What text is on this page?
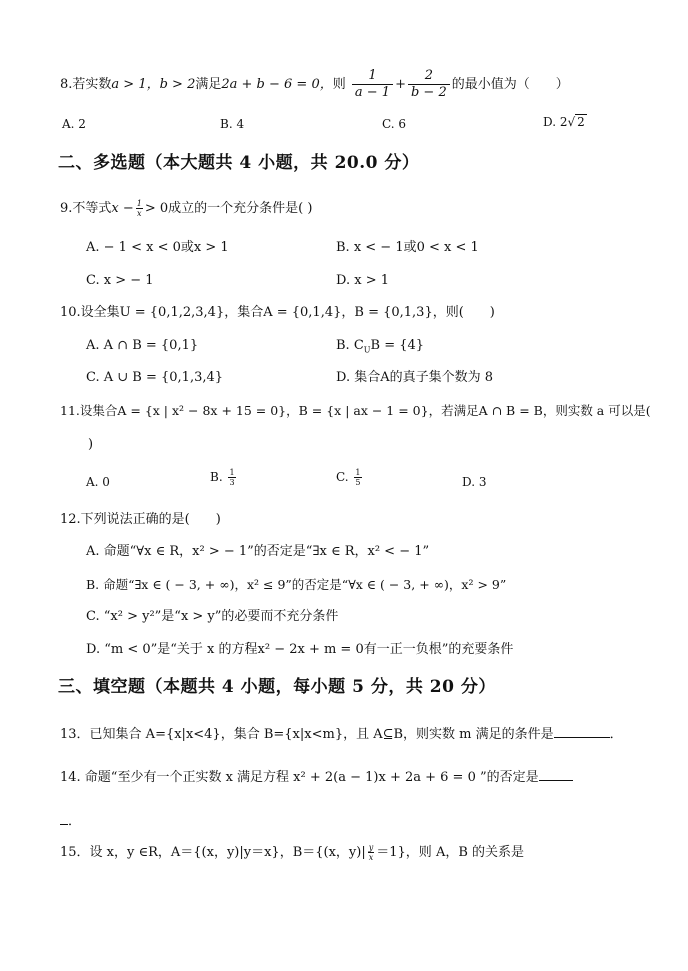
8.若实数a > 1，b > 2满足2a + b − 6 = 0，则 $\frac{1}{a - 1} + \frac{2}{b - 2}$ 的最小值为（　　）
A. 2	B. 4	C. 6	D. 2√ 2
二、多选题（本大题共 4 小题，共 20.0 分）
9.不等式$x - \frac{1}{x} > 0$成立的一个充分条件是( )
A. − 1 < x < 0或x > 1	B. x < − 1或0 < x < 1
C. x > − 1	D. x > 1
10.设全集U = {0,1,2,3,4}，集合A = {0,1,4}，B = {0,1,3}，则(　　)
A. A ∩ B = {0,1}	B. $C_UB = \{4\}$
C. A ∪ B = {0,1,3,4}	D. 集合A的真子集个数为 8
11.设集合A = {x | x² − 8x + 15 = 0}，B = {x | ax − 1 = 0}，若满足A ∩ B = B，则实数 a 可以是(
)
A. 0	B. $\frac{1}{3}$	C. $\frac{1}{5}$	D. 3
12.下列说法正确的是(　　)
A. 命题“∀x ∈ R，x² > − 1”的否定是“∃x ∈ R，x² < − 1”
B. 命题“∃x ∈ ( − 3, + ∞)，x² ≤ 9”的否定是“∀x ∈ ( − 3, + ∞)，x² > 9”
C. “x² > y²”是“x > y”的必要而不充分条件
D. “m < 0”是“关于 x 的方程x² − 2x + m = 0有一正一负根”的充要条件
三、填空题（本题共 4 小题，每小题 5 分，共 20 分）
13．已知集合 A={x|x<4}，集合 B={x|x<m}，且 A⊆B，则实数 m 满足的条件是	．
14. 命题“至少有一个正实数 x 满足方程 x² + 2(a − 1)x + 2a + 6 = 0 ”的否定是
．
15．设 x，y ∈R，A＝{(x，y)|y＝x}，B＝{(x，$y)| \frac{y}{x} =1$}，则 A，B 的关系是
